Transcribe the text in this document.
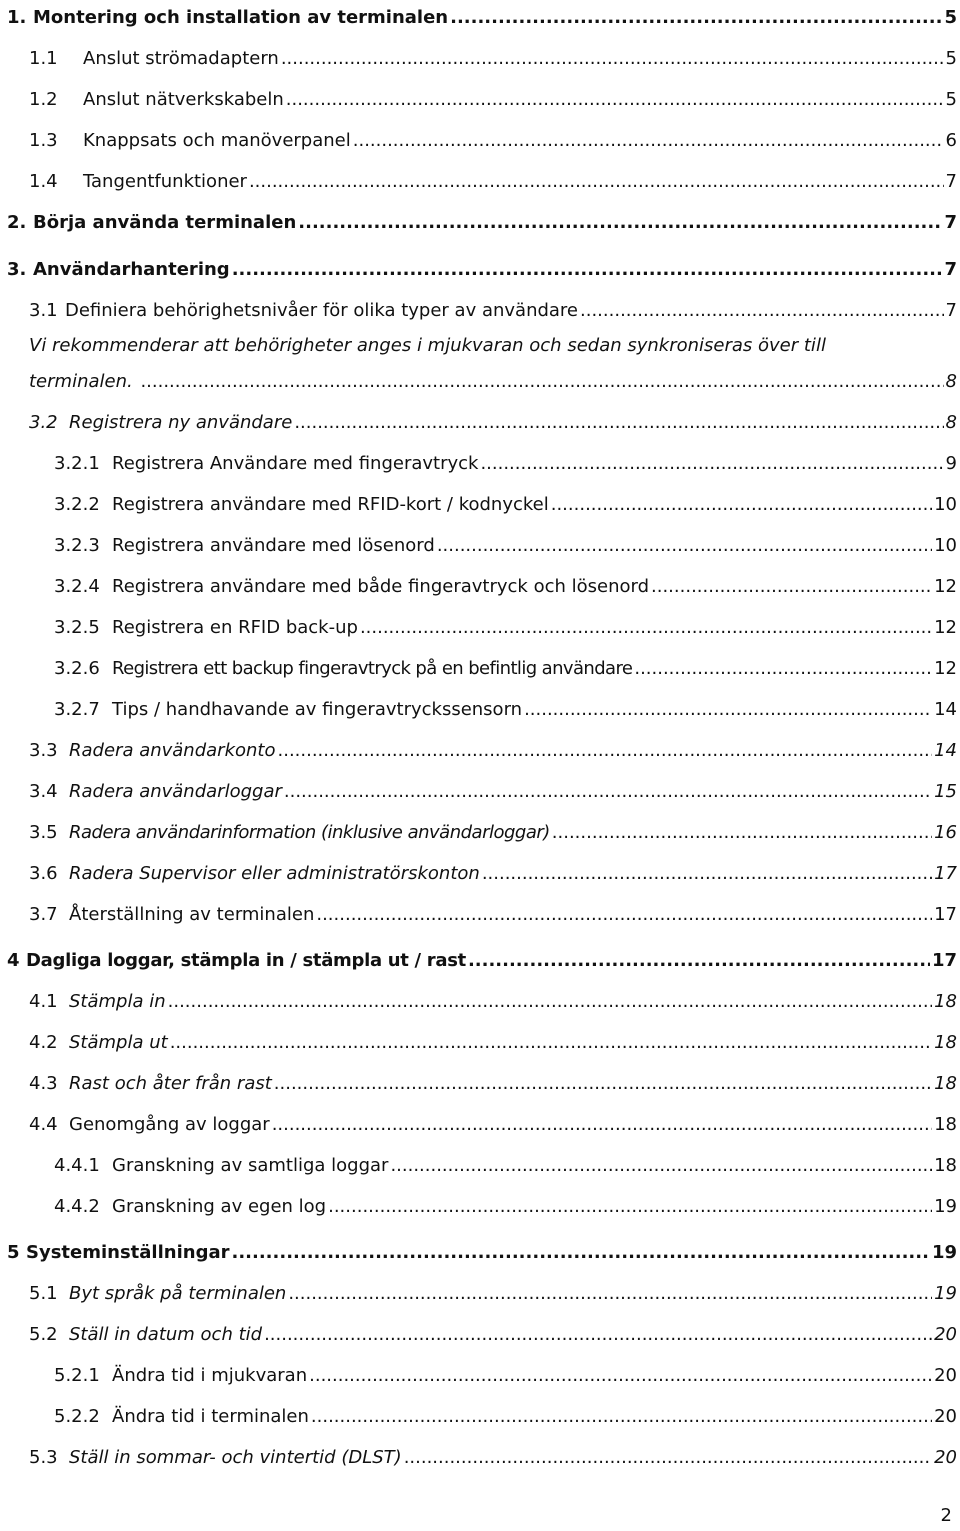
1. Montering och installation av terminalen .....	5
1.1	Anslut strömadaptern .....	5
1.2	Anslut nätverkskabeln .....	5
1.3	Knappsats och manöverpanel .....	6
1.4	Tangentfunktioner .....	7
2. Börja använda terminalen .....	7
3. Användarhantering .....	7
3.1 Definiera behörighetsnivåer för olika typer av användare .....	7
Vi rekommenderar att behörigheter anges i mjukvaran och sedan synkroniseras över till
terminalen. .....	8
3.2 Registrera ny användare .....	8
3.2.1 Registrera Användare med fingeravtryck .....	9
3.2.2 Registrera användare med RFID-kort / kodnyckel .....	10
3.2.3 Registrera användare med lösenord .....	10
3.2.4 Registrera användare med både fingeravtryck och lösenord .....	12
3.2.5 Registrera en RFID back-up .....	12
3.2.6 Registrera ett backup fingeravtryck på en befintlig användare .....	12
3.2.7 Tips / handhavande av fingeravtryckssensorn .....	14
3.3 Radera användarkonto .....	14
3.4 Radera användarloggar .....	15
3.5 Radera användarinformation (inklusive användarloggar) .....	16
3.6 Radera Supervisor eller administratörskonton .....	17
3.7 Återställning av terminalen .....	17
4 Dagliga loggar, stämpla in / stämpla ut / rast .....	17
4.1 Stämpla in .....	18
4.2 Stämpla ut .....	18
4.3 Rast och åter från rast .....	18
4.4 Genomgång av loggar .....	18
4.4.1 Granskning av samtliga loggar .....	18
4.4.2 Granskning av egen log .....	19
5 Systeminställningar .....	19
5.1 Byt språk på terminalen .....	19
5.2 Ställ in datum och tid .....	20
5.2.1 Ändra tid i mjukvaran .....	20
5.2.2 Ändra tid i terminalen .....	20
5.3 Ställ in sommar- och vintertid (DLST) .....	20
2
